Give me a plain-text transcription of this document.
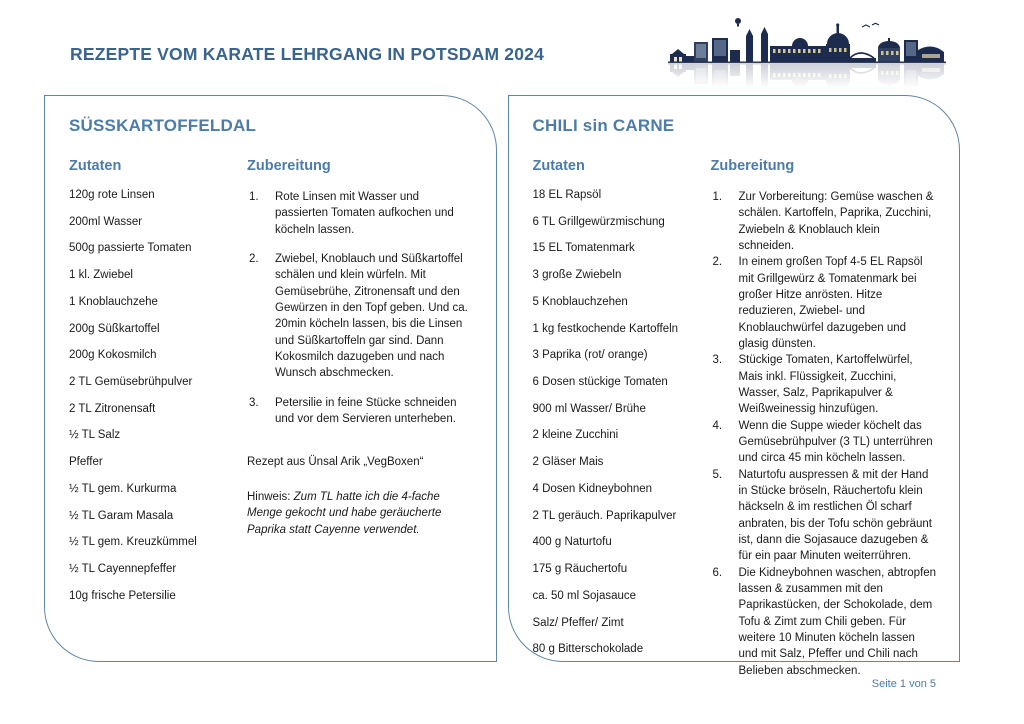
REZEPTE VOM KARATE LEHRGANG IN POTSDAM 2024
SÜSSKARTOFFELDAL
Zutaten
120g rote Linsen
200ml Wasser
500g passierte Tomaten
1 kl. Zwiebel
1 Knoblauchzehe
200g Süßkartoffel
200g Kokosmilch
2 TL Gemüsebrühpulver
2 TL Zitronensaft
½ TL Salz
Pfeffer
½ TL gem. Kurkurma
½ TL Garam Masala
½ TL gem. Kreuzkümmel
½ TL Cayennepfeffer
10g frische Petersilie
Zubereitung
Rote Linsen mit Wasser und passierten Tomaten aufkochen und köcheln lassen.
Zwiebel, Knoblauch und Süßkartoffel schälen und klein würfeln. Mit Gemüsebrühe, Zitronensaft und den Gewürzen in den Topf geben. Und ca. 20min köcheln lassen, bis die Linsen und Süßkartoffeln gar sind. Dann Kokosmilch dazugeben und nach Wunsch abschmecken.
Petersilie in feine Stücke schneiden und vor dem Servieren unterheben.

Rezept aus Ünsal Arik „VegBoxen“

Hinweis: Zum TL hatte ich die 4-fache Menge gekocht und habe geräucherte Paprika statt Cayenne verwendet.

CHILI sin CARNE
Zutaten
18 EL Rapsöl
6 TL Grillgewürzmischung
15 EL Tomatenmark
3 große Zwiebeln
5 Knoblauchzehen
1 kg festkochende Kartoffeln
3 Paprika (rot/ orange)
6 Dosen stückige Tomaten
900 ml Wasser/ Brühe
2 kleine Zucchini
2 Gläser Mais
4 Dosen Kidneybohnen
2 TL geräuch. Paprikapulver
400 g Naturtofu
175 g Räuchertofu
ca. 50 ml Sojasauce
Salz/ Pfeffer/ Zimt
80 g Bitterschokolade
Zubereitung
Zur Vorbereitung: Gemüse waschen & schälen. Kartoffeln, Paprika, Zucchini, Zwiebeln & Knoblauch klein schneiden.
In einem großen Topf 4-5 EL Rapsöl mit Grillgewürz & Tomatenmark bei großer Hitze anrösten. Hitze reduzieren, Zwiebel- und Knoblauchwürfel dazugeben und glasig dünsten.
Stückige Tomaten, Kartoffelwürfel, Mais inkl. Flüssigkeit, Zucchini, Wasser, Salz, Paprikapulver & Weißweinessig hinzufügen.
Wenn die Suppe wieder köchelt das Gemüsebrühpulver (3 TL) unterrühren und circa 45 min köcheln lassen.
Naturtofu auspressen & mit der Hand in Stücke bröseln, Räuchertofu klein häckseln & im restlichen Öl scharf anbraten, bis der Tofu schön gebräunt ist, dann die Sojasauce dazugeben & für ein paar Minuten weiterrühren.
Die Kidneybohnen waschen, abtropfen lassen & zusammen mit den Paprikastücken, der Schokolade, dem Tofu & Zimt zum Chili geben. Für weitere 10 Minuten köcheln lassen und mit Salz, Pfeffer und Chili nach Belieben abschmecken.
Seite 1 von 5
